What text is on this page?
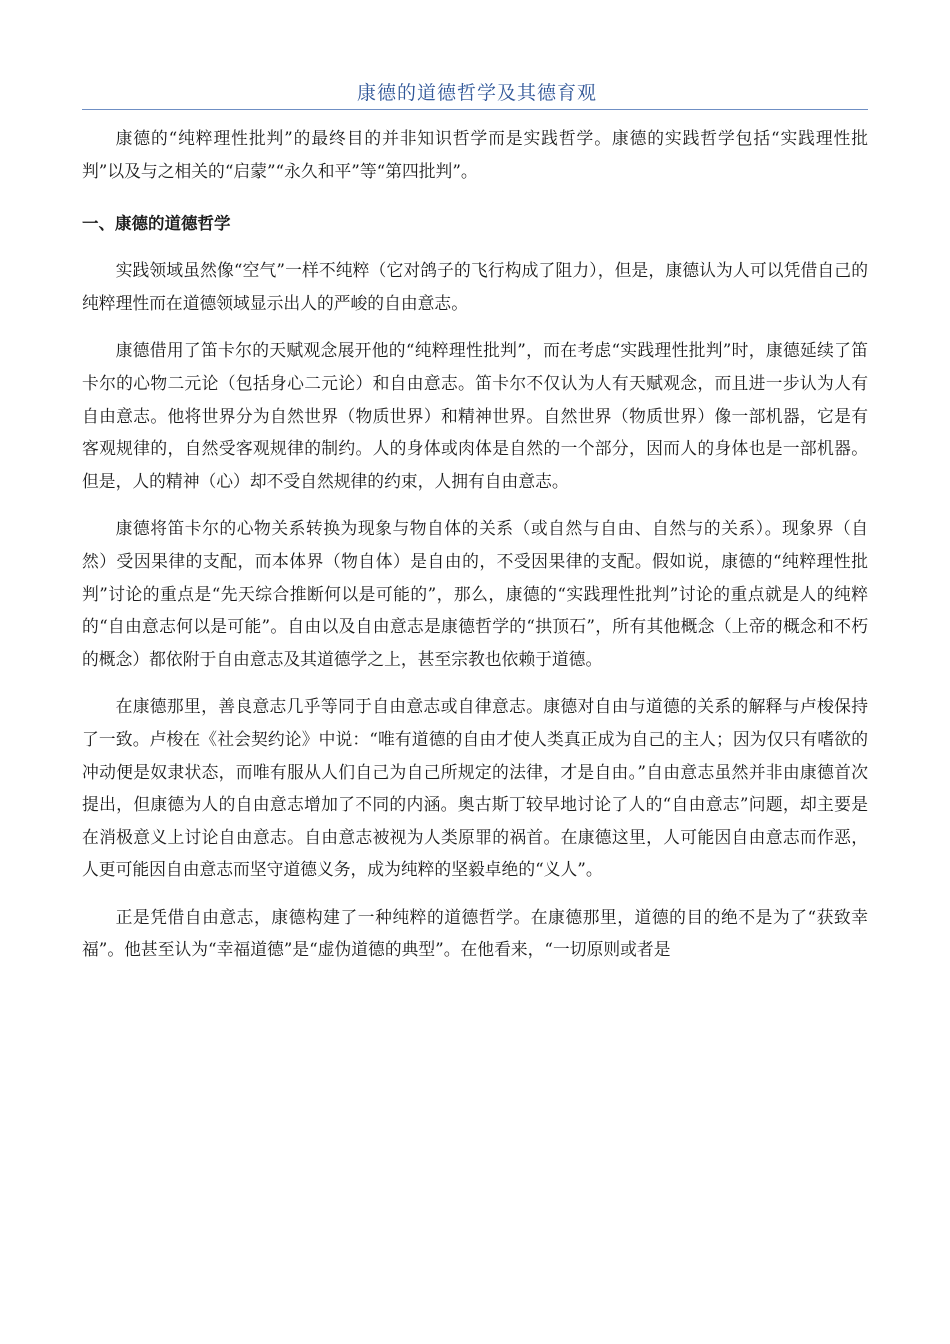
康德的道德哲学及其德育观

康德的“纯粹理性批判”的最终目的并非知识哲学而是实践哲学。康德的实践哲学包括“实践理性批判”以及与之相关的“启蒙”“永久和平”等“第四批判”。

一、康德的道德哲学

实践领域虽然像“空气”一样不纯粹（它对鸽子的飞行构成了阻力），但是，康德认为人可以凭借自己的纯粹理性而在道德领域显示出人的严峻的自由意志。

康德借用了笛卡尔的天赋观念展开他的“纯粹理性批判”，而在考虑“实践理性批判”时，康德延续了笛卡尔的心物二元论（包括身心二元论）和自由意志。笛卡尔不仅认为人有天赋观念，而且进一步认为人有自由意志。他将世界分为自然世界（物质世界）和精神世界。自然世界（物质世界）像一部机器，它是有客观规律的，自然受客观规律的制约。人的身体或肉体是自然的一个部分，因而人的身体也是一部机器。但是，人的精神（心）却不受自然规律的约束，人拥有自由意志。

康德将笛卡尔的心物关系转换为现象与物自体的关系（或自然与自由、自然与的关系）。现象界（自然）受因果律的支配，而本体界（物自体）是自由的，不受因果律的支配。假如说，康德的“纯粹理性批判”讨论的重点是“先天综合推断何以是可能的”，那么，康德的“实践理性批判”讨论的重点就是人的纯粹的“自由意志何以是可能”。自由以及自由意志是康德哲学的“拱顶石”，所有其他概念（上帝的概念和不朽的概念）都依附于自由意志及其道德学之上，甚至宗教也依赖于道德。

在康德那里，善良意志几乎等同于自由意志或自律意志。康德对自由与道德的关系的解释与卢梭保持了一致。卢梭在《社会契约论》中说：“唯有道德的自由才使人类真正成为自己的主人；因为仅只有嗜欲的冲动便是奴隶状态，而唯有服从人们自己为自己所规定的法律，才是自由。”自由意志虽然并非由康德首次提出，但康德为人的自由意志增加了不同的内涵。奥古斯丁较早地讨论了人的“自由意志”问题，却主要是在消极意义上讨论自由意志。自由意志被视为人类原罪的祸首。在康德这里，人可能因自由意志而作恶，人更可能因自由意志而坚守道德义务，成为纯粹的坚毅卓绝的“义人”。

正是凭借自由意志，康德构建了一种纯粹的道德哲学。在康德那里，道德的目的绝不是为了“获致幸福”。他甚至认为“幸福道德”是“虚伪道德的典型”。在他看来，“一切原则或者是
